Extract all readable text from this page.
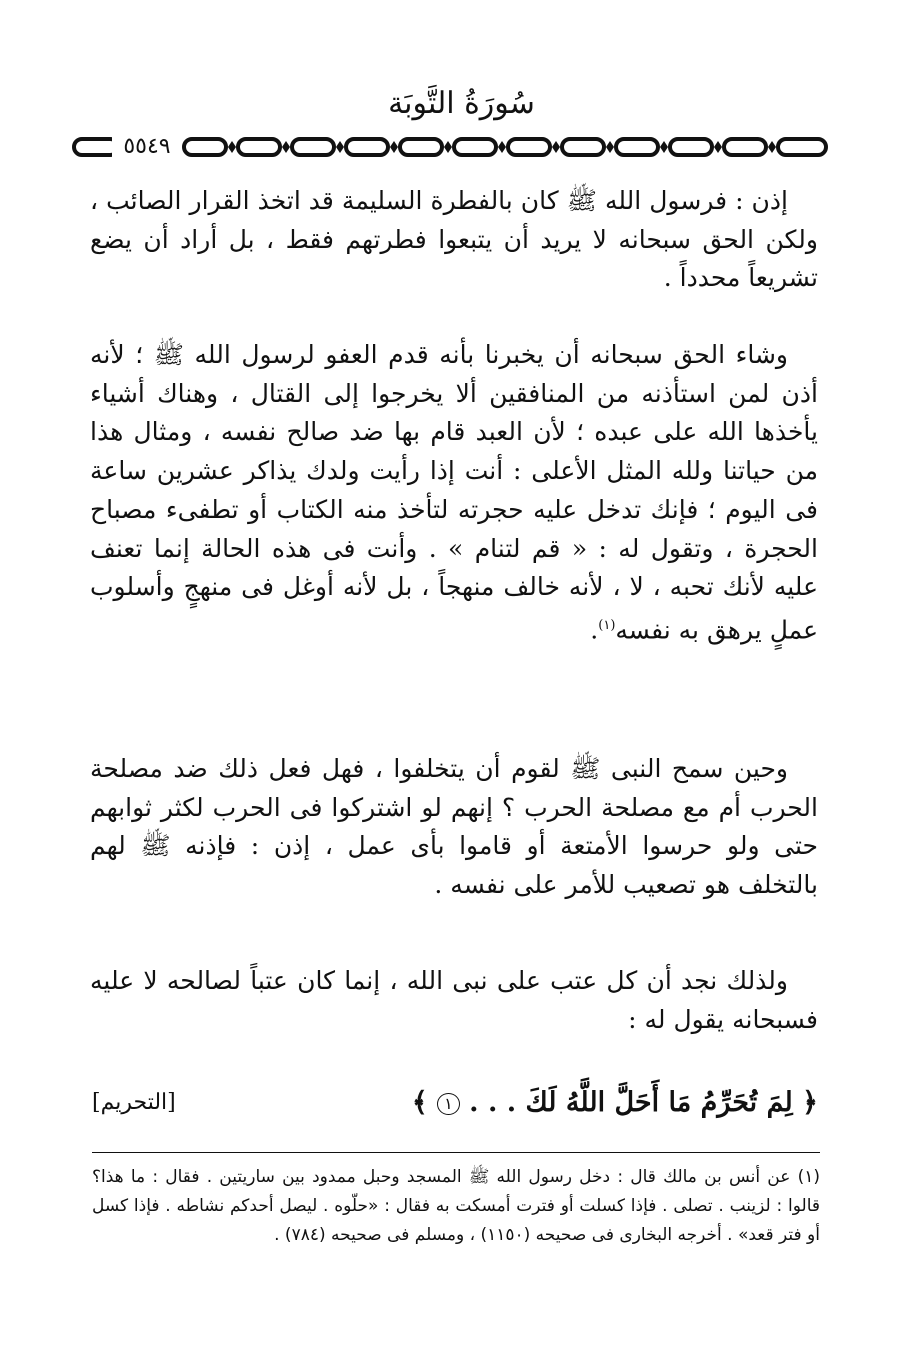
سُورَةُ التَّوبَة
٥٥٤٩

إذن : فرسول الله ﷺ كان بالفطرة السليمة قد اتخذ القرار الصائب ، ولكن الحق سبحانه لا يريد أن يتبعوا فطرتهم فقط ، بل أراد أن يضع تشريعاً محدداً .

وشاء الحق سبحانه أن يخبرنا بأنه قدم العفو لرسول الله ﷺ ؛ لأنه أذن لمن استأذنه من المنافقين ألا يخرجوا إلى القتال ، وهناك أشياء يأخذها الله على عبده ؛ لأن العبد قام بها ضد صالح نفسه ، ومثال هذا من حياتنا ولله المثل الأعلى : أنت إذا رأيت ولدك يذاكر عشرين ساعة فى اليوم ؛ فإنك تدخل عليه حجرته لتأخذ منه الكتاب أو تطفىء مصباح الحجرة ، وتقول له : « قم لتنام » . وأنت فى هذه الحالة إنما تعنف عليه لأنك تحبه ، لا ، لأنه خالف منهجاً ، بل لأنه أوغل فى منهجٍ وأسلوب عملٍ يرهق به نفسه$^{(١)}$.

وحين سمح النبى ﷺ لقوم أن يتخلفوا ، فهل فعل ذلك ضد مصلحة الحرب أم مع مصلحة الحرب ؟ إنهم لو اشتركوا فى الحرب لكثر ثوابهم حتى ولو حرسوا الأمتعة أو قاموا بأى عمل ، إذن : فإذنه ﷺ لهم بالتخلف هو تصعيب للأمر على نفسه .

ولذلك نجد أن كل عتب على نبى الله ، إنما كان عتباً لصالحه لا عليه فسبحانه يقول له :

﴿ لِمَ تُحَرِّمُ مَا أَحَلَّ اللَّهُ لَكَ . . . ١ ﴾
[التحريم]
(١) عن أنس بن مالك قال : دخل رسول الله ﷺ المسجد وحبل ممدود بين ساريتين . فقال : ما هذا؟ قالوا : لزينب . تصلى . فإذا كسلت أو فترت أمسكت به فقال : «حلّوه . ليصل أحدكم نشاطه . فإذا كسل أو فتر قعد» . أخرجه البخارى فى صحيحه (١١٥٠) ، ومسلم فى صحيحه (٧٨٤) .
